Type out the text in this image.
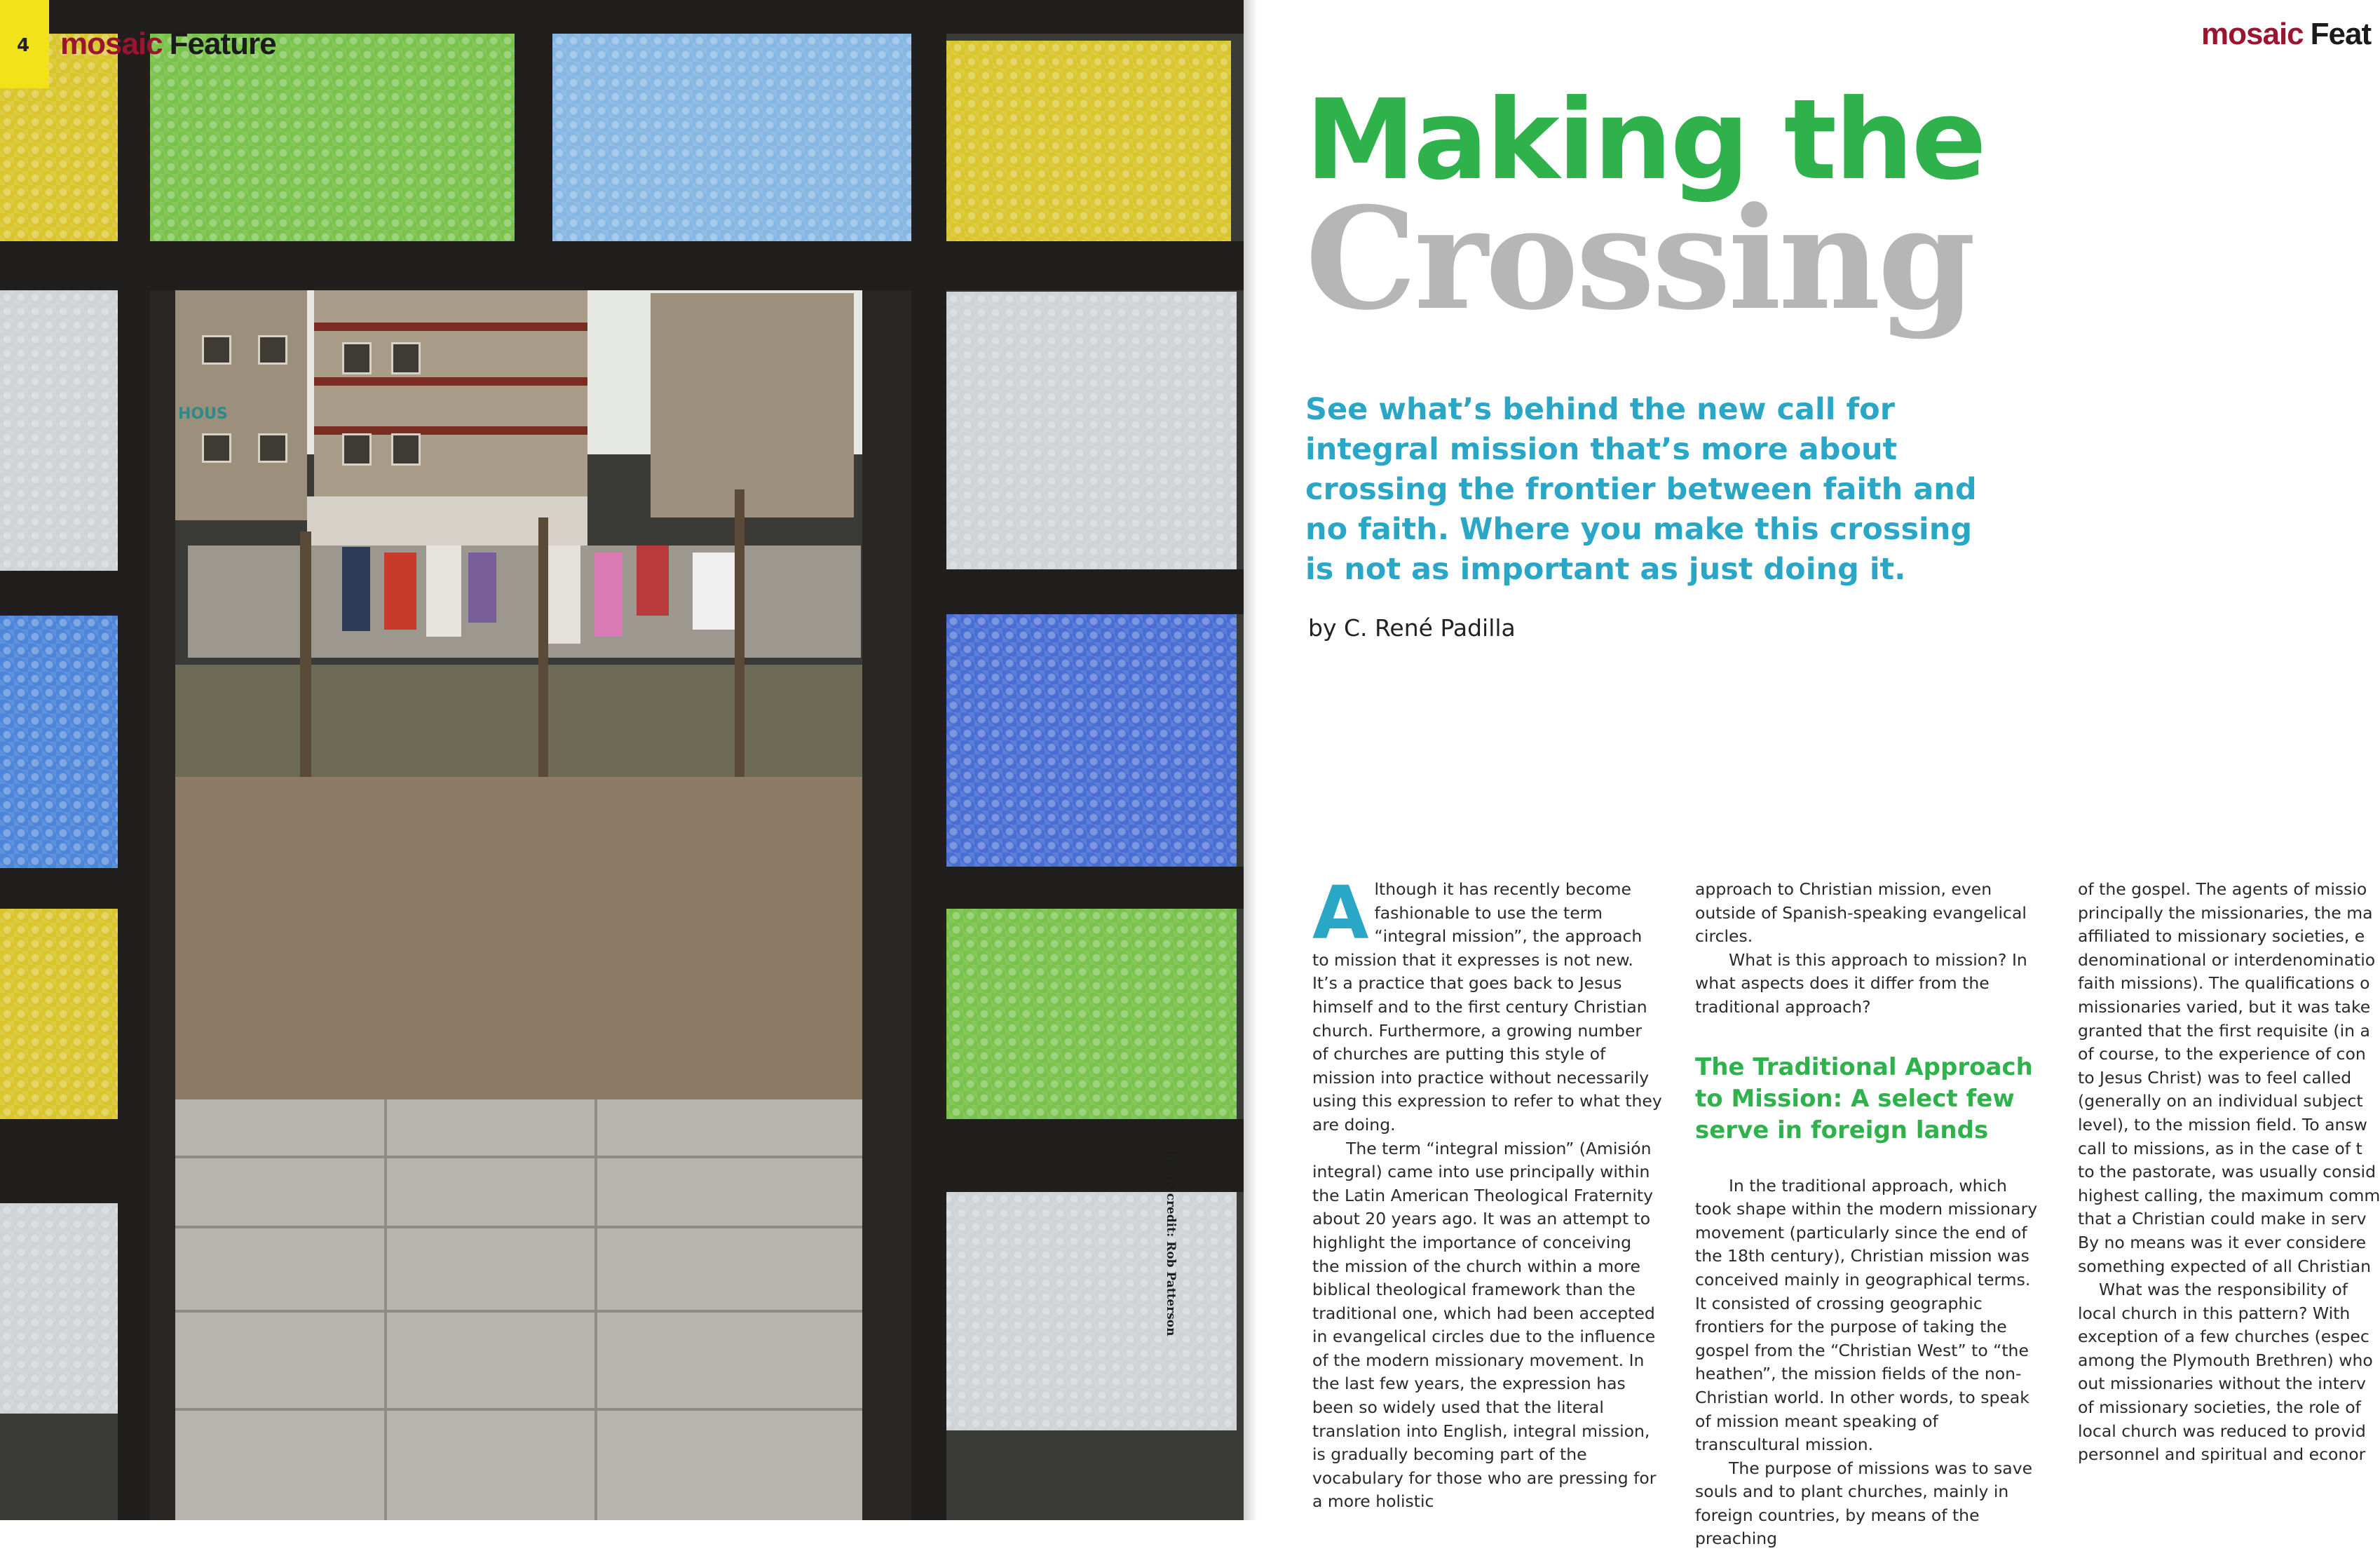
HOUS
Photo credit: Rob Patterson
4 mosaic Feature	mosaic Feat
Making the
Crossing
See what’s behind the new call for integral mission that’s more about crossing the frontier between faith and no faith. Where you make this crossing is not as important as just doing it.
by C. René Padilla

Although it has recently become fashionable to use the term “integral mission”, the approach to mission that it expresses is not new. It’s a practice that goes back to Jesus himself and to the first century Christian church. Furthermore, a growing number of churches are putting this style of mission into practice without necessarily using this expression to refer to what they are doing.

The term “integral mission” (Amisión integral) came into use principally within the Latin American Theological Fraternity about 20 years ago. It was an attempt to highlight the importance of conceiving the mission of the church within a more biblical theological framework than the traditional one, which had been accepted in evangelical circles due to the influence of the modern missionary movement. In the last few years, the expression has been so widely used that the literal translation into English, integral mission, is gradually becoming part of the vocabulary for those who are pressing for a more holistic

approach to Christian mission, even outside of Spanish-speaking evangelical circles.

What is this approach to mission? In what aspects does it differ from the traditional approach?

The Traditional Approach to Mission: A select few serve in foreign lands

In the traditional approach, which took shape within the modern missionary movement (particularly since the end of the 18th century), Christian mission was conceived mainly in geographical terms. It consisted of crossing geographic frontiers for the purpose of taking the gospel from the “Christian West” to “the heathen”, the mission fields of the non-Christian world. In other words, to speak of mission meant speaking of transcultural mission.

The purpose of missions was to save souls and to plant churches, mainly in foreign countries, by means of the preaching

of the gospel. The agents of missio
principally the missionaries, the ma
affiliated to missionary societies, e
denominational or interdenominatio
faith missions). The qualifications o
missionaries varied, but it was take
granted that the first requisite (in a
of course, to the experience of con
to Jesus Christ) was to feel called
(generally on an individual subject
level), to the mission field. To answ
call to missions, as in the case of t
to the pastorate, was usually consid
highest calling, the maximum comm
that a Christian could make in serv
By no means was it ever considere
something expected of all Christian
What was the responsibility of
local church in this pattern? With
exception of a few churches (espec
among the Plymouth Brethren) who
out missionaries without the interv
of missionary societies, the role of
local church was reduced to provid
personnel and spiritual and econor
